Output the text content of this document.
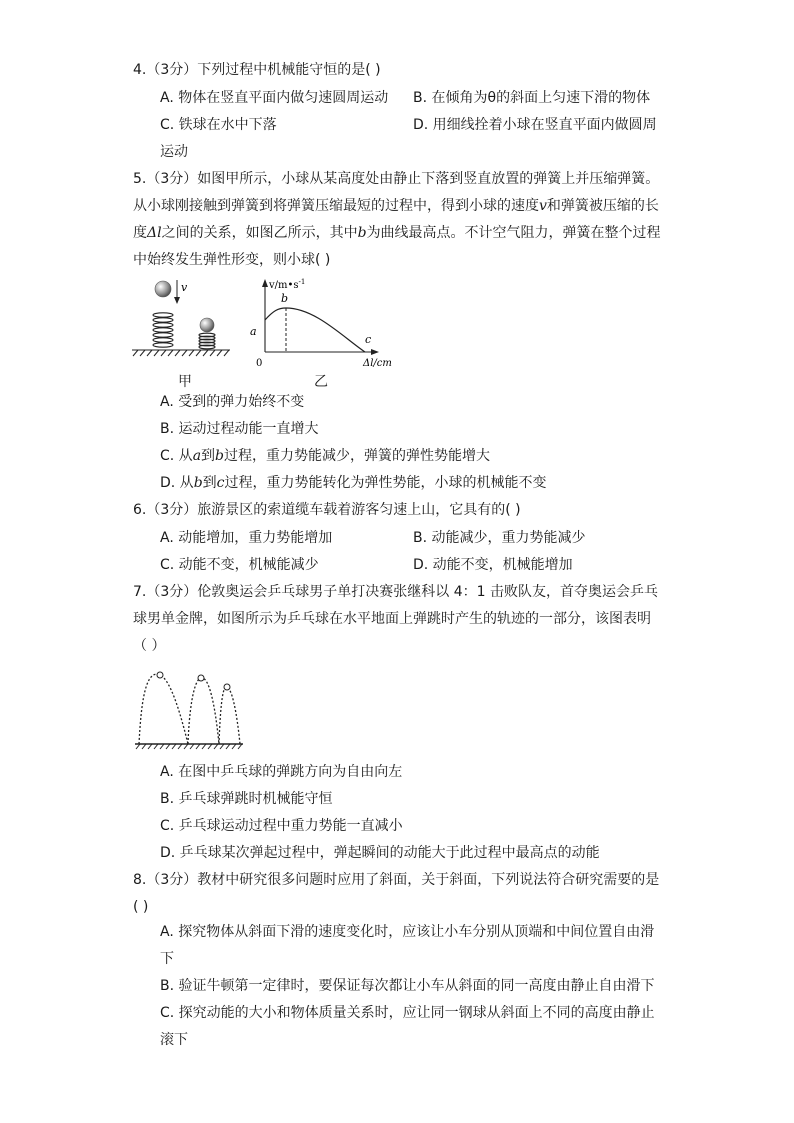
4.（3分）下列过程中机械能守恒的是( )
A. 物体在竖直平面内做匀速圆周运动 B. 在倾角为θ的斜面上匀速下滑的物体
C. 铁球在水中下落	D. 用细线拴着小球在竖直平面内做圆周
运动
5.（3分）如图甲所示，小球从某高度处由静止下落到竖直放置的弹簧上并压缩弹簧。
从小球刚接触到弹簧到将弹簧压缩最短的过程中，得到小球的速度v和弹簧被压缩的长
度Δl之间的关系，如图乙所示，其中b为曲线最高点。不计空气阻力，弹簧在整个过程
中始终发生弹性形变，则小球( )
v
甲
$v/m•s^{-1}$
Δl/cm
0
a
b
c
乙
A. 受到的弹力始终不变
B. 运动过程动能一直增大
C. 从a到b过程，重力势能减少，弹簧的弹性势能增大
D. 从b到c过程，重力势能转化为弹性势能，小球的机械能不变
6.（3分）旅游景区的索道缆车载着游客匀速上山，它具有的( )
A. 动能增加，重力势能增加	B. 动能减少，重力势能减少
C. 动能不变，机械能减少	D. 动能不变，机械能增加
7.（3分）伦敦奥运会乒乓球男子单打决赛张继科以 4：1 击败队友，首夺奥运会乒乓
球男单金牌，如图所示为乒乓球在水平地面上弹跳时产生的轨迹的一部分，该图表明
（ ）
A. 在图中乒乓球的弹跳方向为自由向左
B. 乒乓球弹跳时机械能守恒
C. 乒乓球运动过程中重力势能一直减小
D. 乒乓球某次弹起过程中，弹起瞬间的动能大于此过程中最高点的动能
8.（3分）教材中研究很多问题时应用了斜面，关于斜面，下列说法符合研究需要的是
( )
A. 探究物体从斜面下滑的速度变化时，应该让小车分别从顶端和中间位置自由滑
下
B. 验证牛顿第一定律时，要保证每次都让小车从斜面的同一高度由静止自由滑下
C. 探究动能的大小和物体质量关系时，应让同一钢球从斜面上不同的高度由静止
滚下
